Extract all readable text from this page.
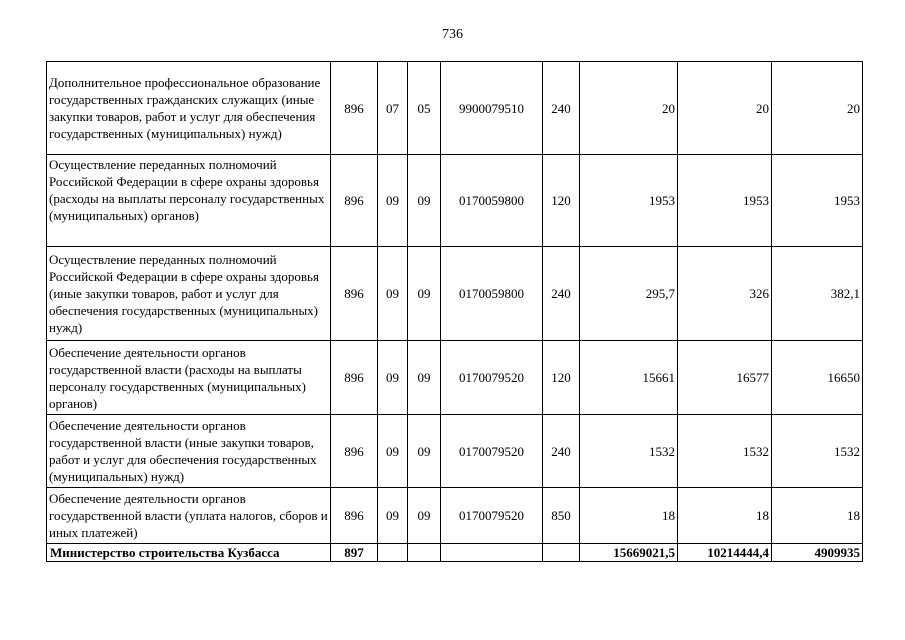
736
Дополнительное профессиональное образование государственных гражданских служащих (иные закупки товаров, работ и услуг для обеспечения государственных (муниципальных) нужд)	896	07	05	9900079510	240	20	20	20
Осуществление переданных полномочий Российской Федерации в сфере охраны здоровья (расходы на выплаты персоналу государственных (муниципальных) органов)	896	09	09	0170059800	120	1953	1953	1953
Осуществление переданных полномочий Российской Федерации в сфере охраны здоровья (иные закупки товаров, работ и услуг для обеспечения государственных (муниципальных) нужд)	896	09	09	0170059800	240	295,7	326	382,1
Обеспечение деятельности органов государственной власти (расходы на выплаты персоналу государственных (муниципальных) органов)	896	09	09	0170079520	120	15661	16577	16650
Обеспечение деятельности органов государственной власти (иные закупки товаров, работ и услуг для обеспечения государственных (муниципальных) нужд)	896	09	09	0170079520	240	1532	1532	1532
Обеспечение деятельности органов государственной власти (уплата налогов, сборов и иных платежей)	896	09	09	0170079520	850	18	18	18
Министерство строительства Кузбасса	897					15669021,5	10214444,4	4909935
